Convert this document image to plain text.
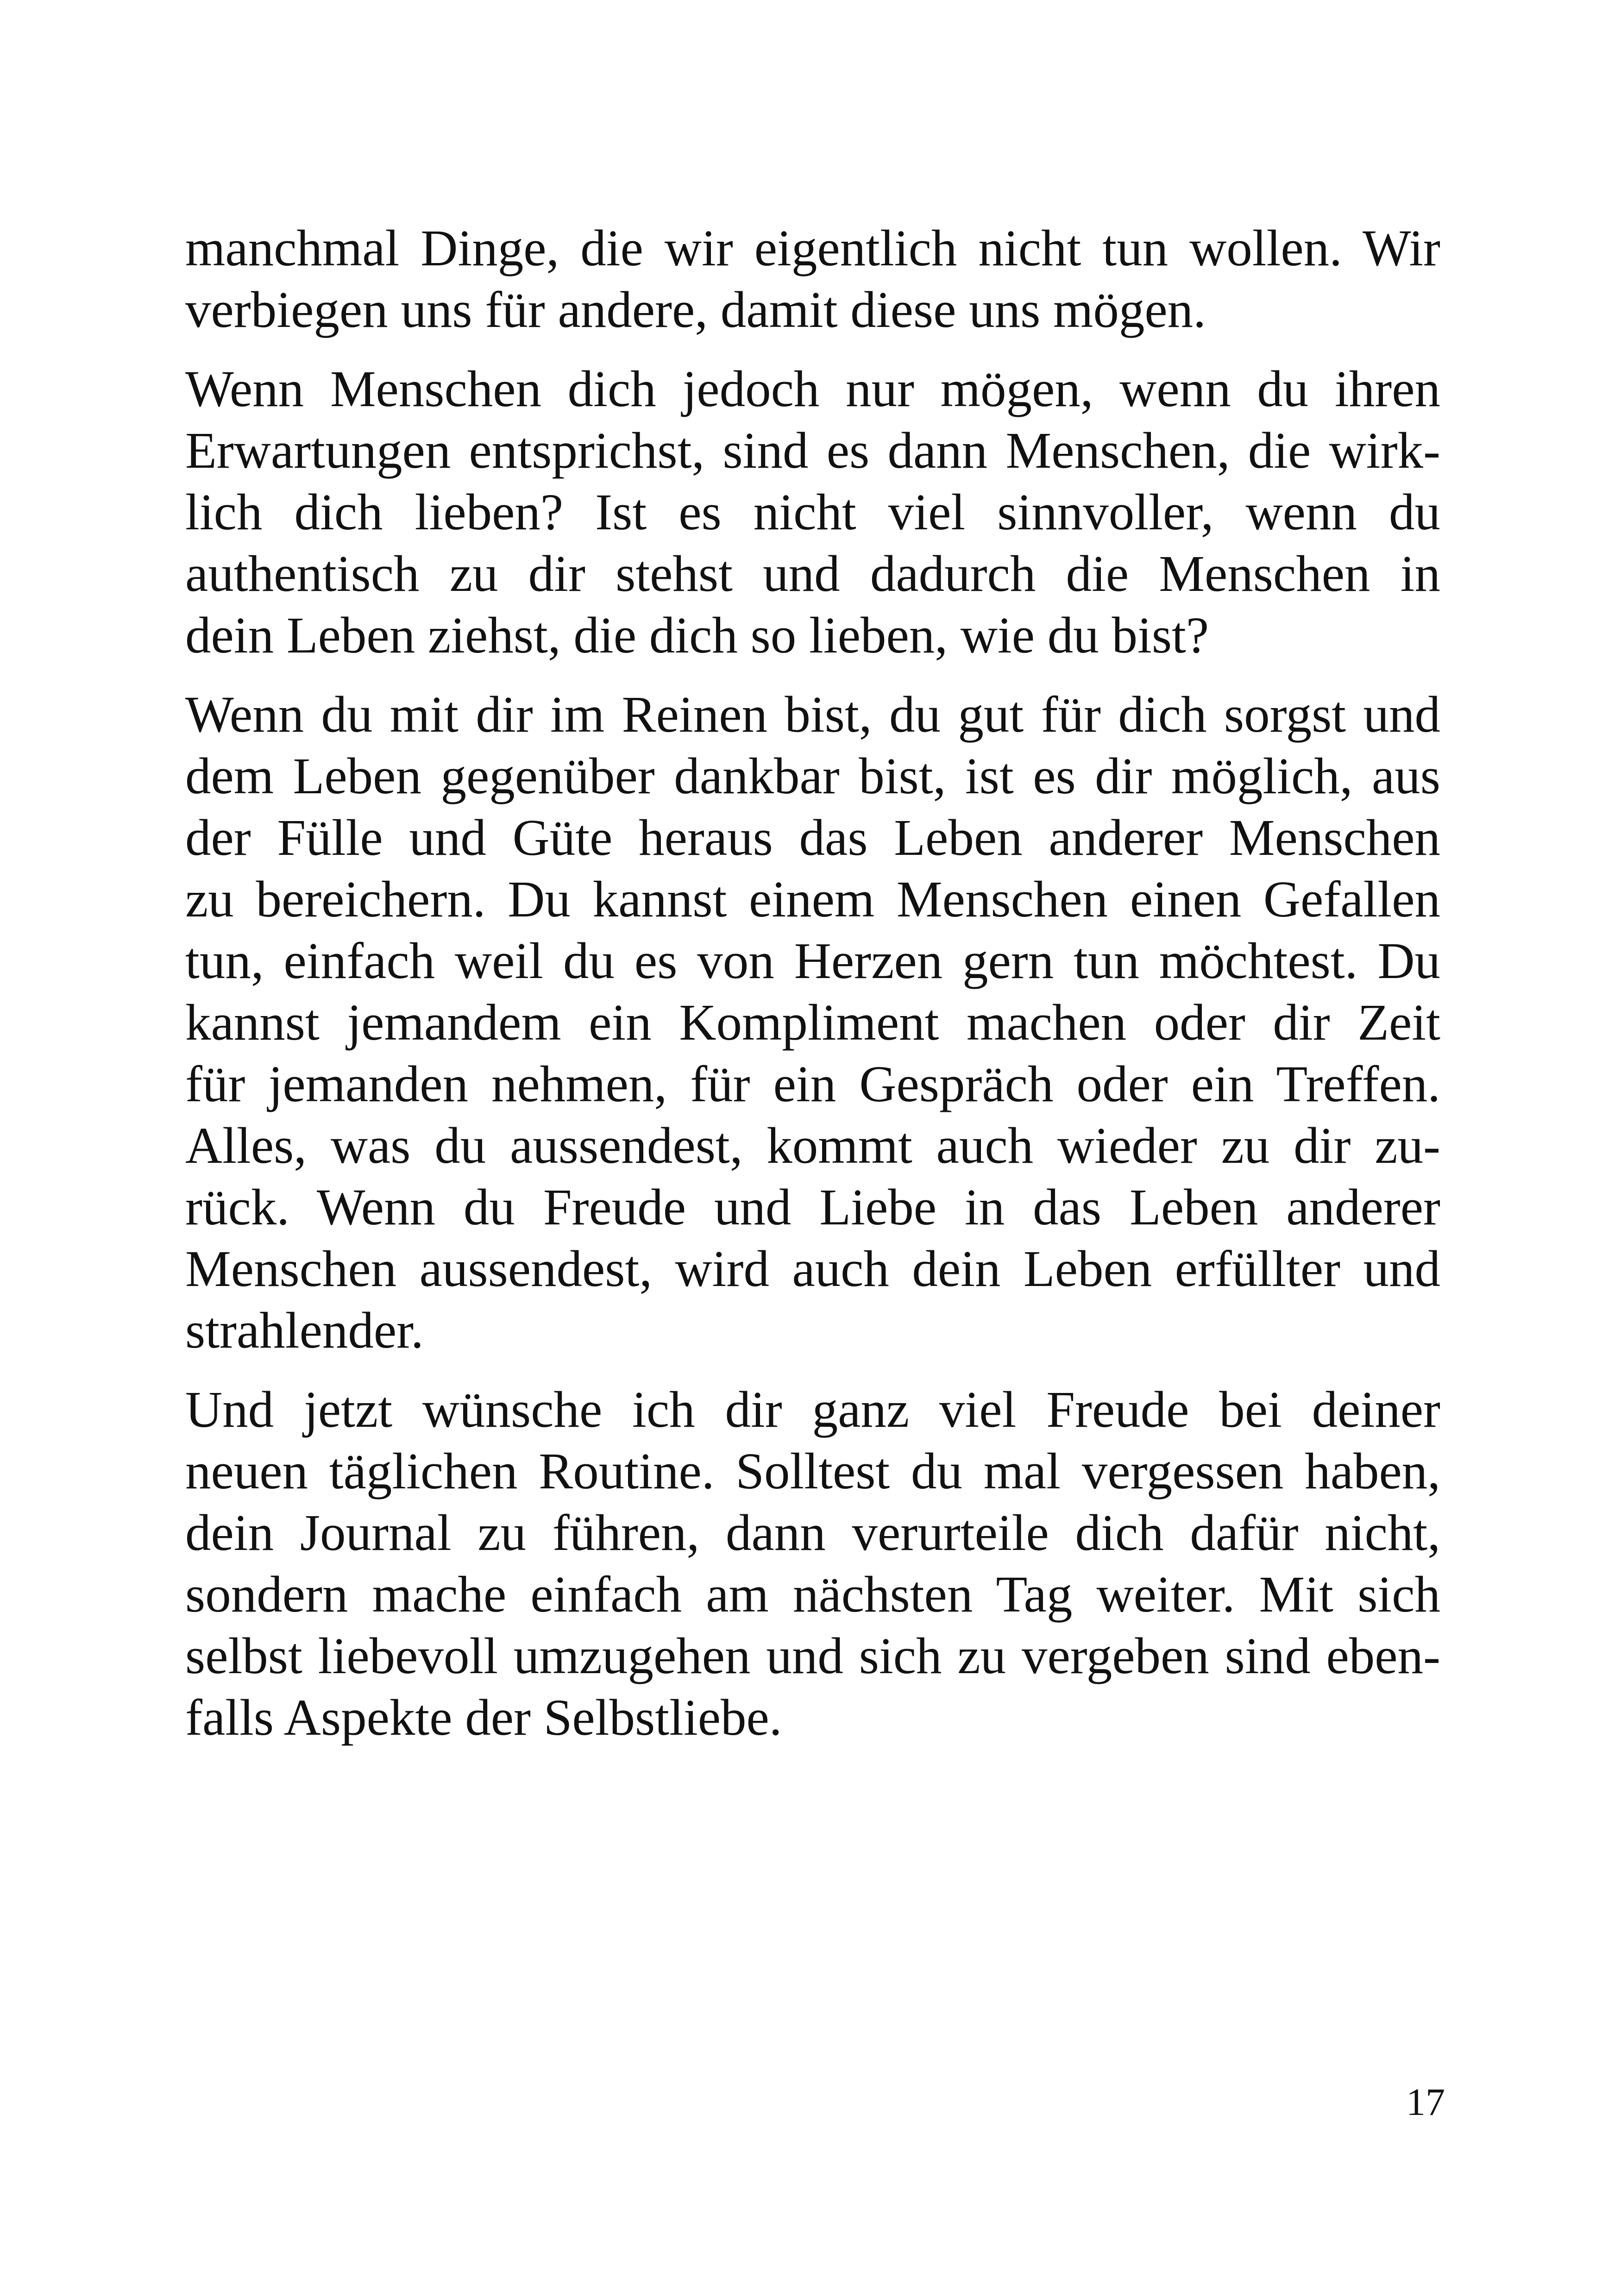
manchmal Dinge, die wir eigentlich nicht tun wollen. Wir
verbiegen uns für andere, damit diese uns mögen.

Wenn Menschen dich jedoch nur mögen, wenn du ihren
Erwartungen entsprichst, sind es dann Menschen, die wirk-
lich dich lieben? Ist es nicht viel sinnvoller, wenn du
authentisch zu dir stehst und dadurch die Menschen in
dein Leben ziehst, die dich so lieben, wie du bist?

Wenn du mit dir im Reinen bist, du gut für dich sorgst und
dem Leben gegenüber dankbar bist, ist es dir möglich, aus
der Fülle und Güte heraus das Leben anderer Menschen
zu bereichern. Du kannst einem Menschen einen Gefallen
tun, einfach weil du es von Herzen gern tun möchtest. Du
kannst jemandem ein Kompliment machen oder dir Zeit
für jemanden nehmen, für ein Gespräch oder ein Treffen.
Alles, was du aussendest, kommt auch wieder zu dir zu-
rück. Wenn du Freude und Liebe in das Leben anderer
Menschen aussendest, wird auch dein Leben erfüllter und
strahlender.

Und jetzt wünsche ich dir ganz viel Freude bei deiner
neuen täglichen Routine. Solltest du mal vergessen haben,
dein Journal zu führen, dann verurteile dich dafür nicht,
sondern mache einfach am nächsten Tag weiter. Mit sich
selbst liebevoll umzugehen und sich zu vergeben sind eben-
falls Aspekte der Selbstliebe.

17
